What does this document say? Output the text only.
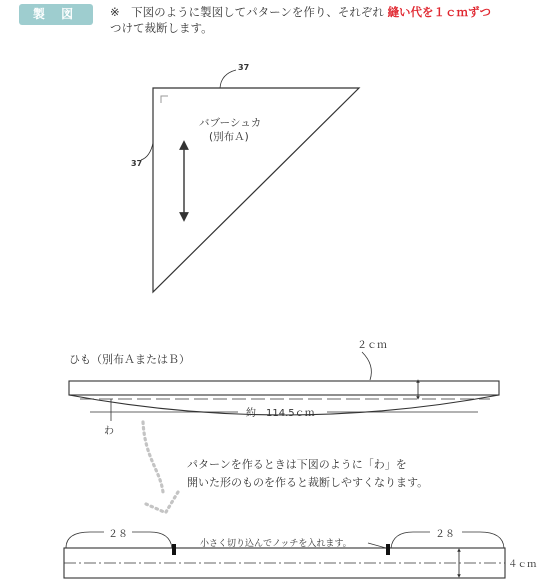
製 図	※　下図のように製図してパターンを作り、それぞれ 縫い代を１ｃｍずつ
つけて裁断します。
37
37
バブーシュカ
(別布Ａ)
ひも（別布ＡまたはＢ）
２ｃｍ
約　114.5ｃｍ
わ
パターンを作るときは下図のように「わ」を
開いた形のものを作ると裁断しやすくなります。
２８	２８
小さく切り込んでノッチを入れます。
４ｃｍ
